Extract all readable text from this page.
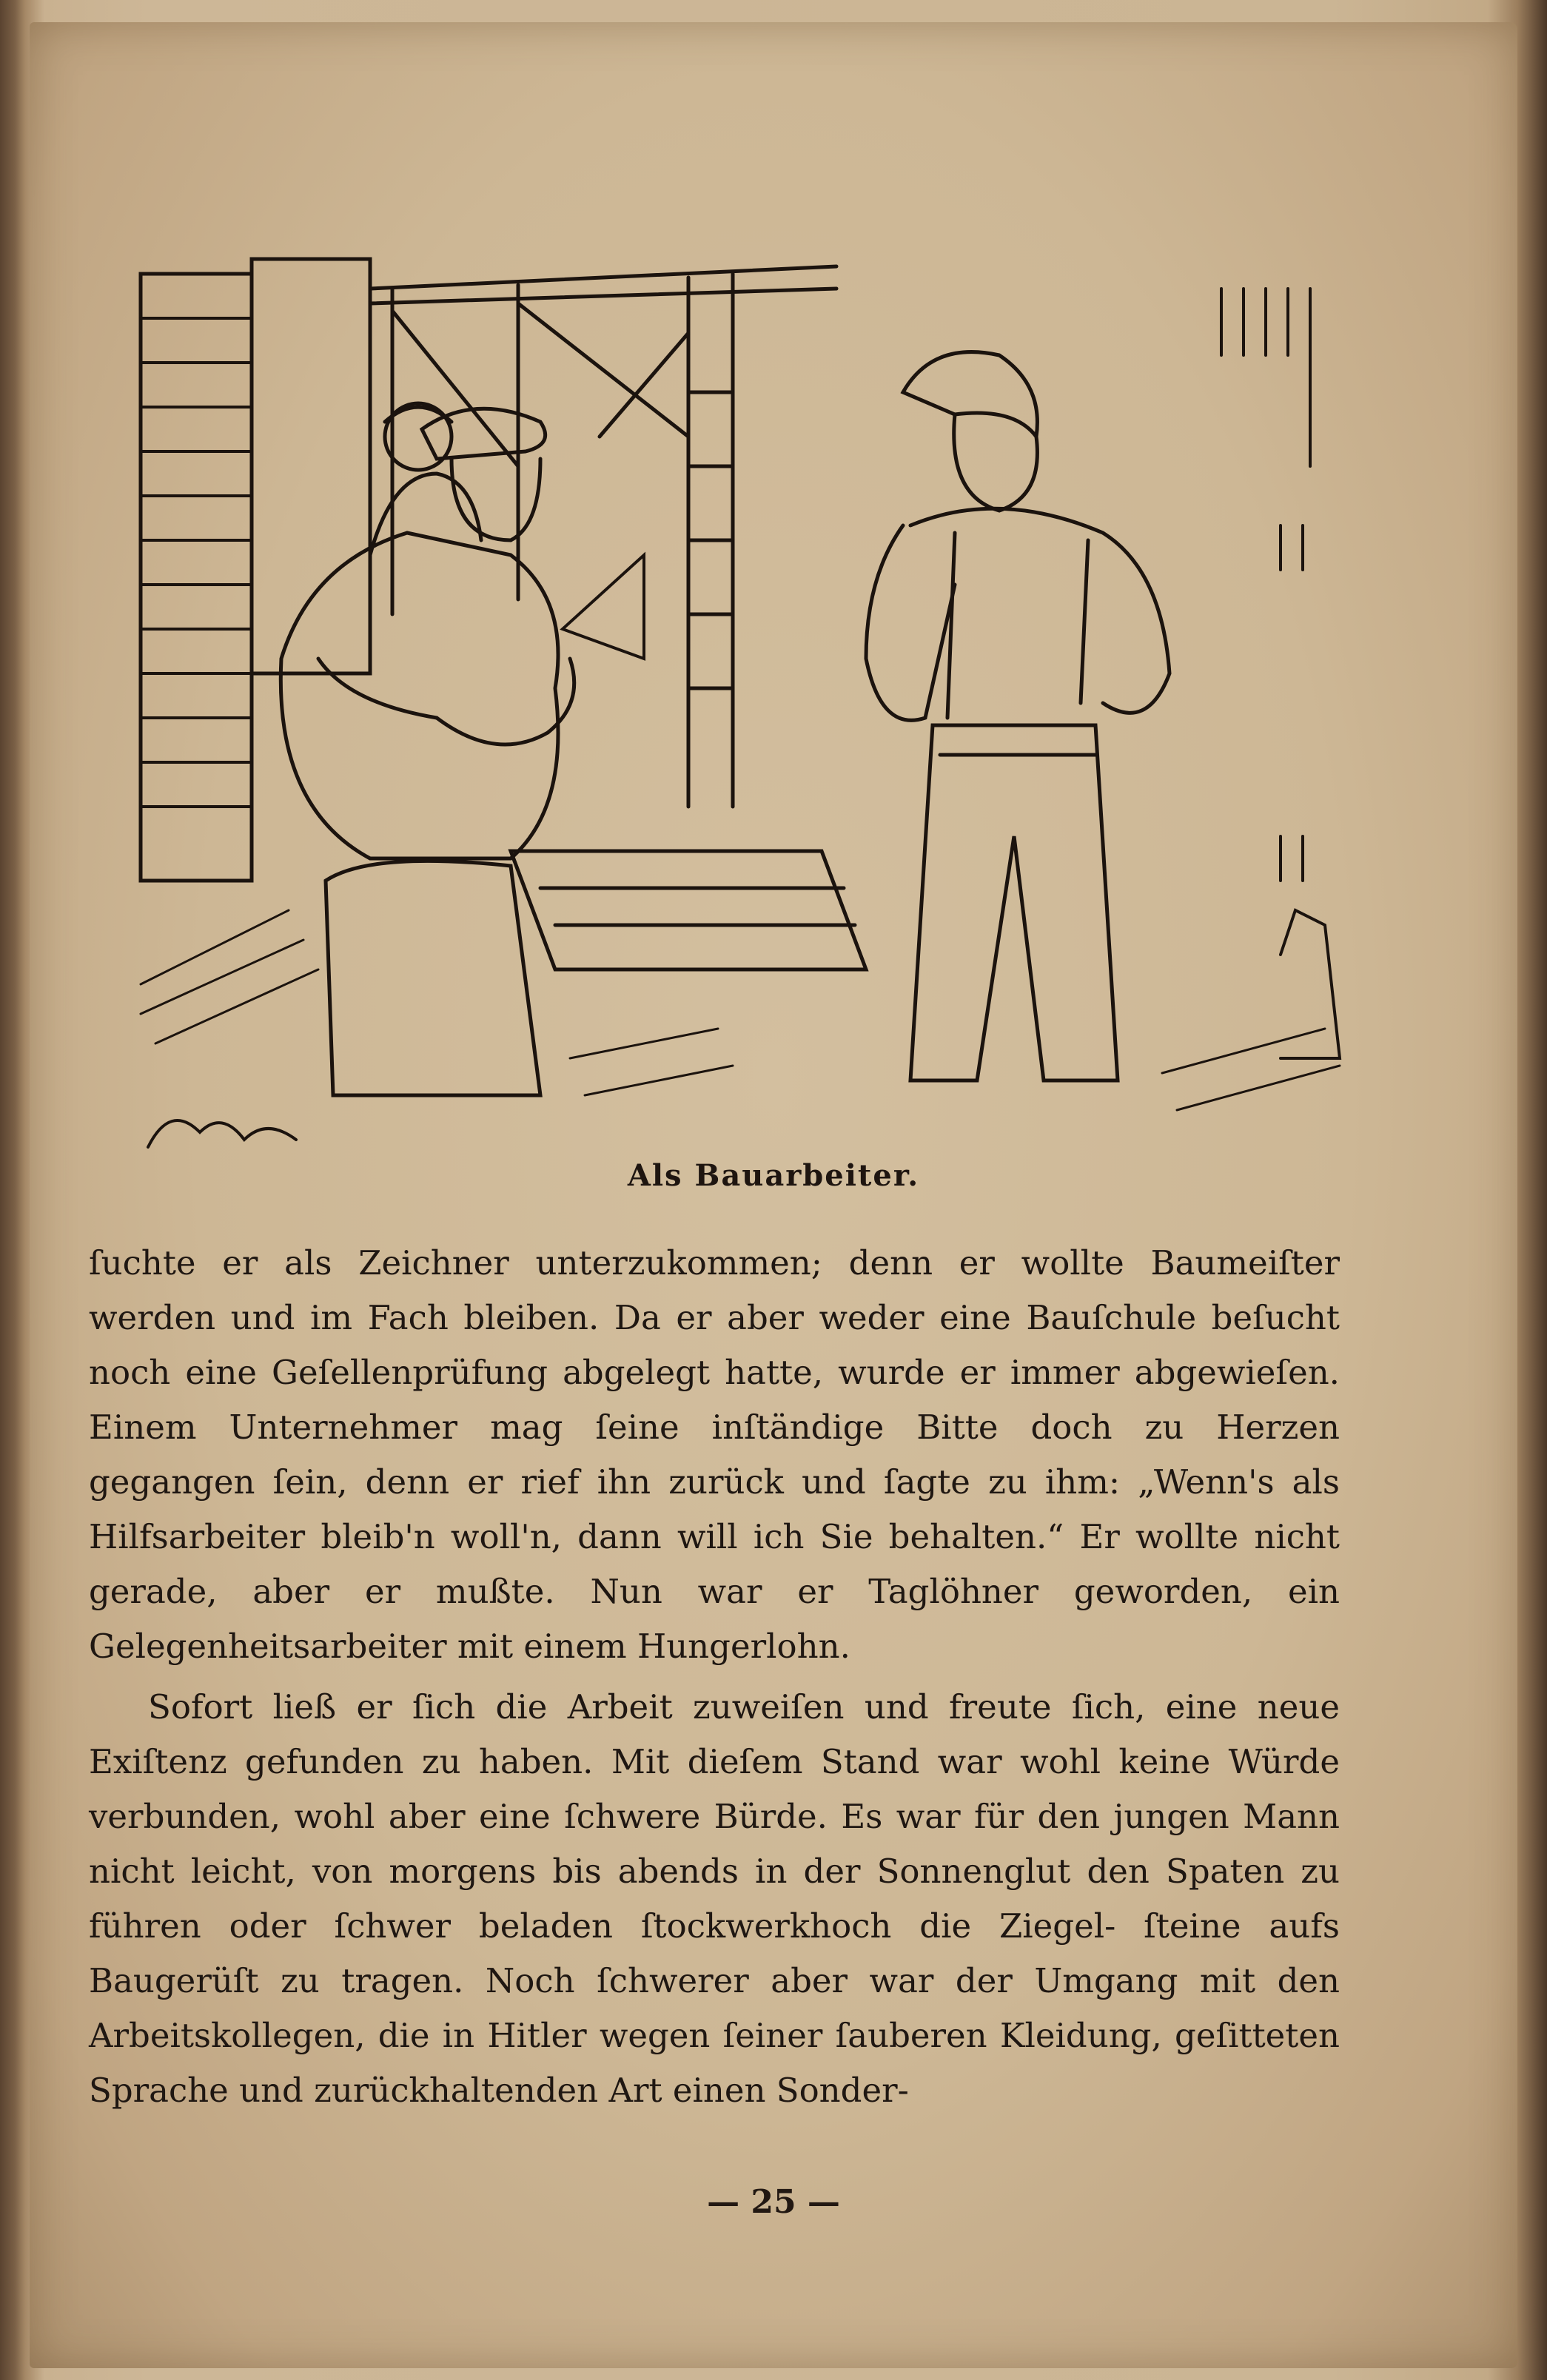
Als Bauarbeiter.

ſuchte er als Zeichner unterzukommen; denn er wollte Baumeiſter werden und im Fach bleiben. Da er aber weder eine Bauſchule beſucht noch eine Geſellenprüfung abgelegt hatte, wurde er immer abgewieſen. Einem Unternehmer mag ſeine inſtändige Bitte doch zu Herzen gegangen ſein, denn er rief ihn zurück und ſagte zu ihm: „Wenn's als Hilfsarbeiter bleib'n woll'n, dann will ich Sie behalten.“ Er wollte nicht gerade, aber er mußte. Nun war er Taglöhner geworden, ein Gelegenheitsarbeiter mit einem Hungerlohn.

Sofort ließ er ſich die Arbeit zuweiſen und freute ſich, eine neue Exiſtenz gefunden zu haben. Mit dieſem Stand war wohl keine Würde verbunden, wohl aber eine ſchwere Bürde. Es war für den jungen Mann nicht leicht, von morgens bis abends in der Sonnenglut den Spaten zu führen oder ſchwer beladen ſtockwerkhoch die Ziegel- ſteine aufs Baugerüſt zu tragen. Noch ſchwerer aber war der Umgang mit den Arbeitskollegen, die in Hitler wegen ſeiner ſauberen Kleidung, geſitteten Sprache und zurückhaltenden Art einen Sonder-

— 25 —
